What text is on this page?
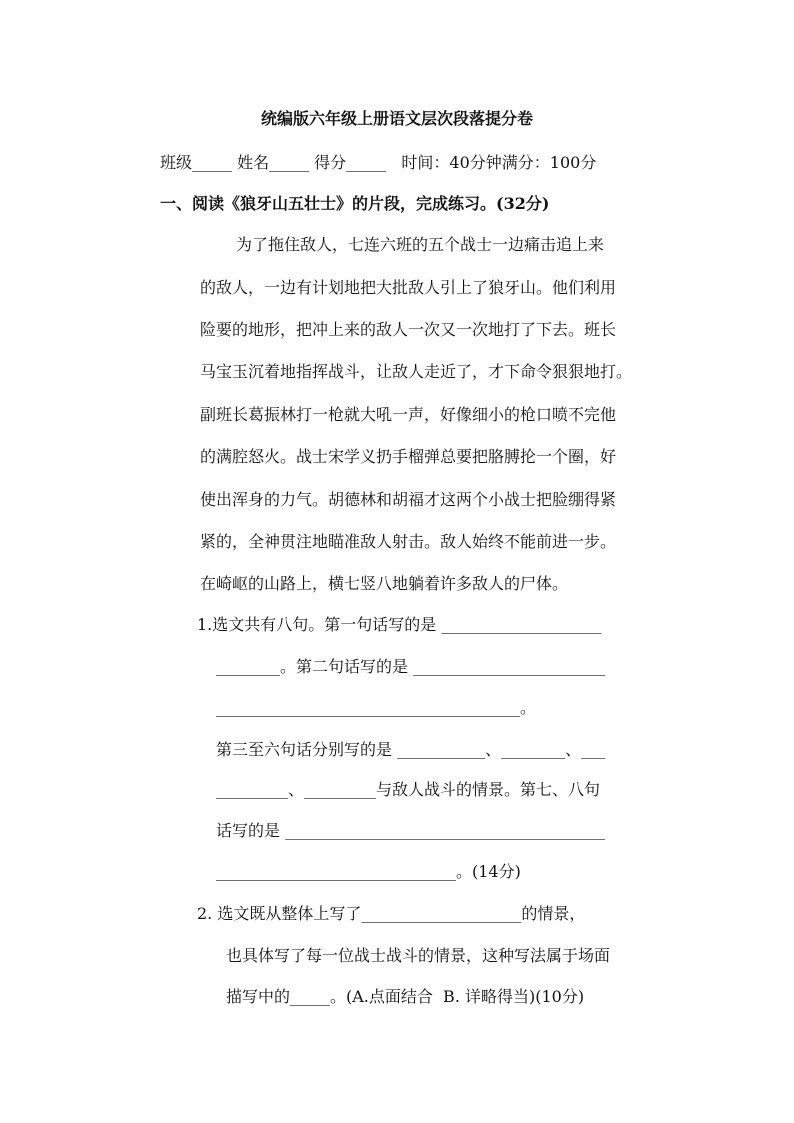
统编版六年级上册语文层次段落提分卷
班级_____ 姓名_____ 得分_____   时间：40分钟满分：100分
一、阅读《狼牙山五壮士》的片段，完成练习。(32分)
为了拖住敌人，七连六班的五个战士一边痛击追上来
的敌人，一边有计划地把大批敌人引上了狼牙山。他们利用
险要的地形，把冲上来的敌人一次又一次地打了下去。班长
马宝玉沉着地指挥战斗，让敌人走近了，才下命令狠狠地打。
副班长葛振林打一枪就大吼一声，好像细小的枪口喷不完他
的满腔怒火。战士宋学义扔手榴弹总要把胳膊抡一个圈，好
使出浑身的力气。胡德林和胡福才这两个小战士把脸绷得紧
紧的，全神贯注地瞄准敌人射击。敌人始终不能前进一步。
在崎岖的山路上，横七竖八地躺着许多敌人的尸体。
1.选文共有八句。第一句话写的是 ____________________
________。第二句话写的是 ________________________
______________________________________。
第三至六句话分别写的是 ___________、________、___
_________、_________与敌人战斗的情景。第七、八句
话写的是 ________________________________________
______________________________。(14分)
2. 选文既从整体上写了____________________的情景，
也具体写了每一位战士战斗的情景，这种写法属于场面
描写中的_____。(A.点面结合  B. 详略得当)(10分)
